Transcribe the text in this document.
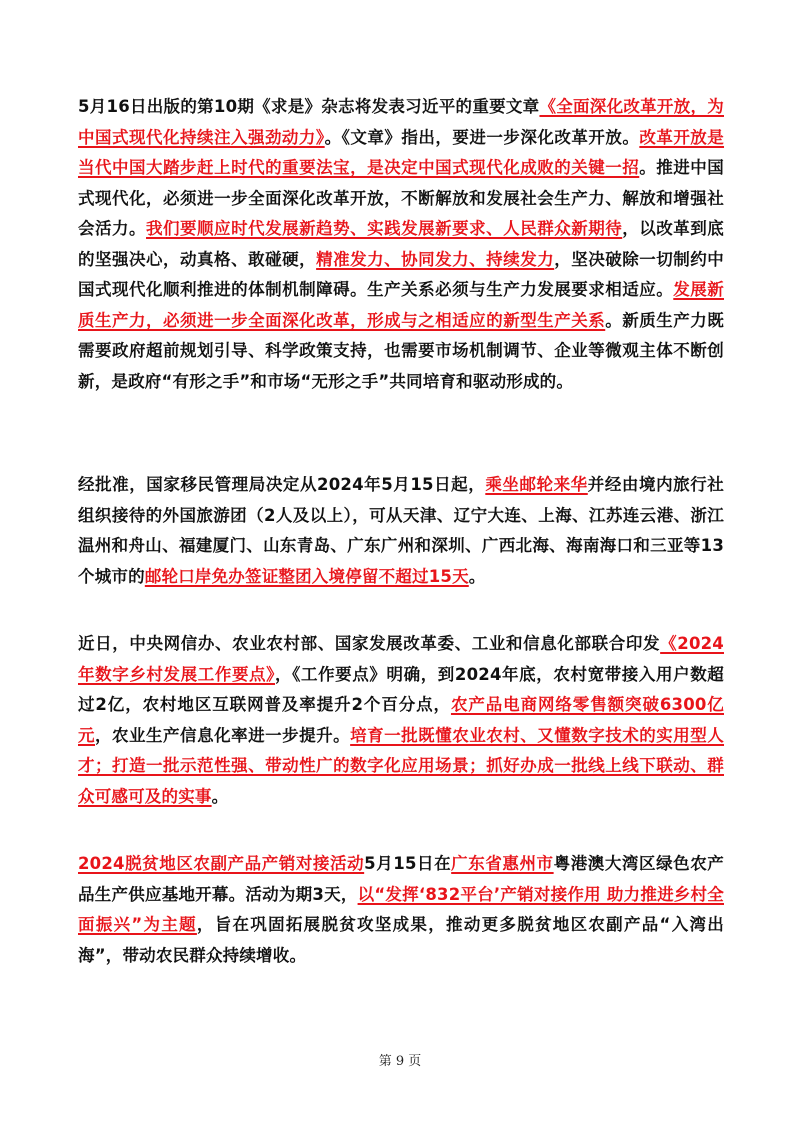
5月16日出版的第10期《求是》杂志将发表习近平的重要文章《全面深化改革开放，为中国式现代化持续注入强劲动力》。《文章》指出，要进一步深化改革开放。改革开放是当代中国大踏步赶上时代的重要法宝，是决定中国式现代化成败的关键一招。推进中国式现代化，必须进一步全面深化改革开放，不断解放和发展社会生产力、解放和增强社会活力。我们要顺应时代发展新趋势、实践发展新要求、人民群众新期待，以改革到底的坚强决心，动真格、敢碰硬，精准发力、协同发力、持续发力，坚决破除一切制约中国式现代化顺利推进的体制机制障碍。生产关系必须与生产力发展要求相适应。发展新质生产力，必须进一步全面深化改革，形成与之相适应的新型生产关系。新质生产力既需要政府超前规划引导、科学政策支持，也需要市场机制调节、企业等微观主体不断创新，是政府“有形之手”和市场“无形之手”共同培育和驱动形成的。
经批准，国家移民管理局决定从2024年5月15日起，乘坐邮轮来华并经由境内旅行社组织接待的外国旅游团（2人及以上），可从天津、辽宁大连、上海、江苏连云港、浙江温州和舟山、福建厦门、山东青岛、广东广州和深圳、广西北海、海南海口和三亚等13个城市的邮轮口岸免办签证整团入境停留不超过15天。
近日，中央网信办、农业农村部、国家发展改革委、工业和信息化部联合印发《2024年数字乡村发展工作要点》，《工作要点》明确，到2024年底，农村宽带接入用户数超过2亿，农村地区互联网普及率提升2个百分点，农产品电商网络零售额突破6300亿元，农业生产信息化率进一步提升。培育一批既懂农业农村、又懂数字技术的实用型人才；打造一批示范性强、带动性广的数字化应用场景；抓好办成一批线上线下联动、群众可感可及的实事。
2024脱贫地区农副产品产销对接活动5月15日在广东省惠州市粤港澳大湾区绿色农产品生产供应基地开幕。活动为期3天，以“发挥‘832平台’产销对接作用 助力推进乡村全面振兴”为主题，旨在巩固拓展脱贫攻坚成果，推动更多脱贫地区农副产品“入湾出海”，带动农民群众持续增收。
第 9 页
